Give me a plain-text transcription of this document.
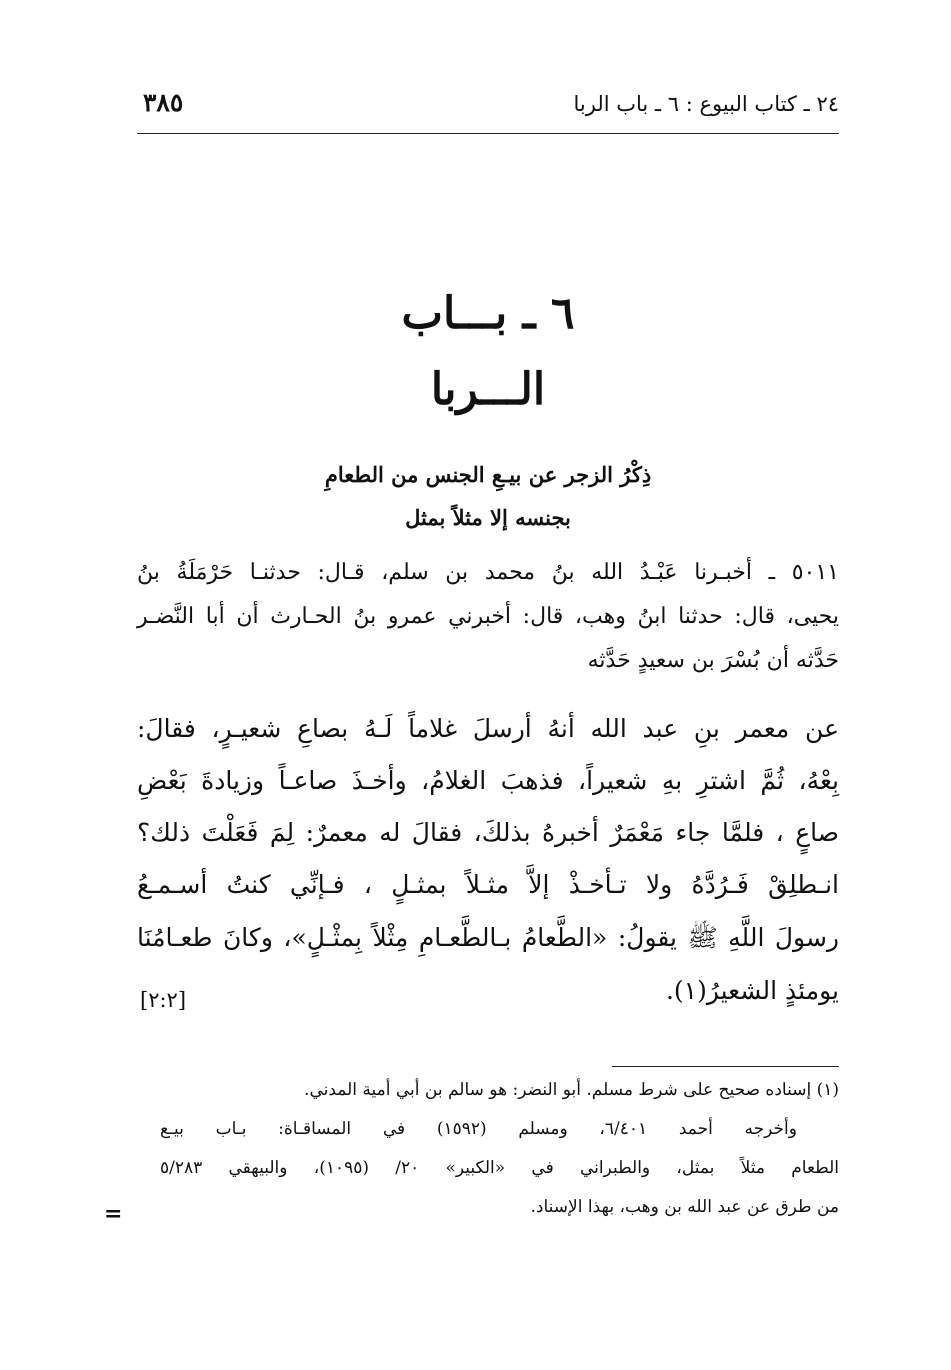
٢٤ ـ كتاب البيوع : ٦ ـ باب الربا
٣٨٥
٦ ـ بـــاب
الـــربا
ذِكْرُ الزجر عن بيـعِ الجنس من الطعامِ
بجنسه إلا مثلاً بمثل
٥٠١١ ـ أخبـرنا عَبْـدُ الله بنُ محمد بن سلم، قـال: حدثنـا حَرْمَلَةُ بنُ
يحيى، قال: حدثنا ابنُ وهب، قال: أخبرني عمرو بنُ الحـارث أن أبا النَّضـر
حَدَّثه أن بُسْرَ بن سعيدٍ حَدَّثه
عن معمر بنِ عبد الله أنهُ أرسلَ غلاماً لَـهُ بصاعِ شعيـرٍ، فقالَ:
بِعْهُ، ثُمَّ اشترِ بهِ شعيراً، فذهبَ الغلامُ، وأخـذَ صاعـاً وزيادةَ بَعْضِ
صاعٍ ، فلمَّا جاء مَعْمَرٌ أخبرهُ بذلكَ، فقالَ له معمرٌ: لِمَ فَعَلْتَ ذلك؟
انـطلِقْ فَـرُدَّهُ ولا تـأخـذْ إلاَّ مثـلاً بمثـلٍ ، فـإنِّي كنتُ أسـمـعُ
رسولَ اللَّهِ ﷺ يقولُ: «الطَّعامُ بـالطَّعـامِ مِثْلاً بِمثْـلٍ»، وكانَ طعـامُنَا
يومئذٍ الشعيرُ(١).
[٢:٢]
(١) إسناده صحيح على شرط مسلم. أبو النضر: هو سالم بن أبي أمية المدني.
وأخرجه أحمد ٦/٤٠١، ومسلم (١٥٩٢) في المساقـاة: بـاب بيـع
الطعام مثلاً بمثل، والطبراني في «الكبير» ٢٠/ (١٠٩٥)، والبيهقي ٥/٢٨٣
من طرق عن عبد الله بن وهب، بهذا الإسناد.
=
